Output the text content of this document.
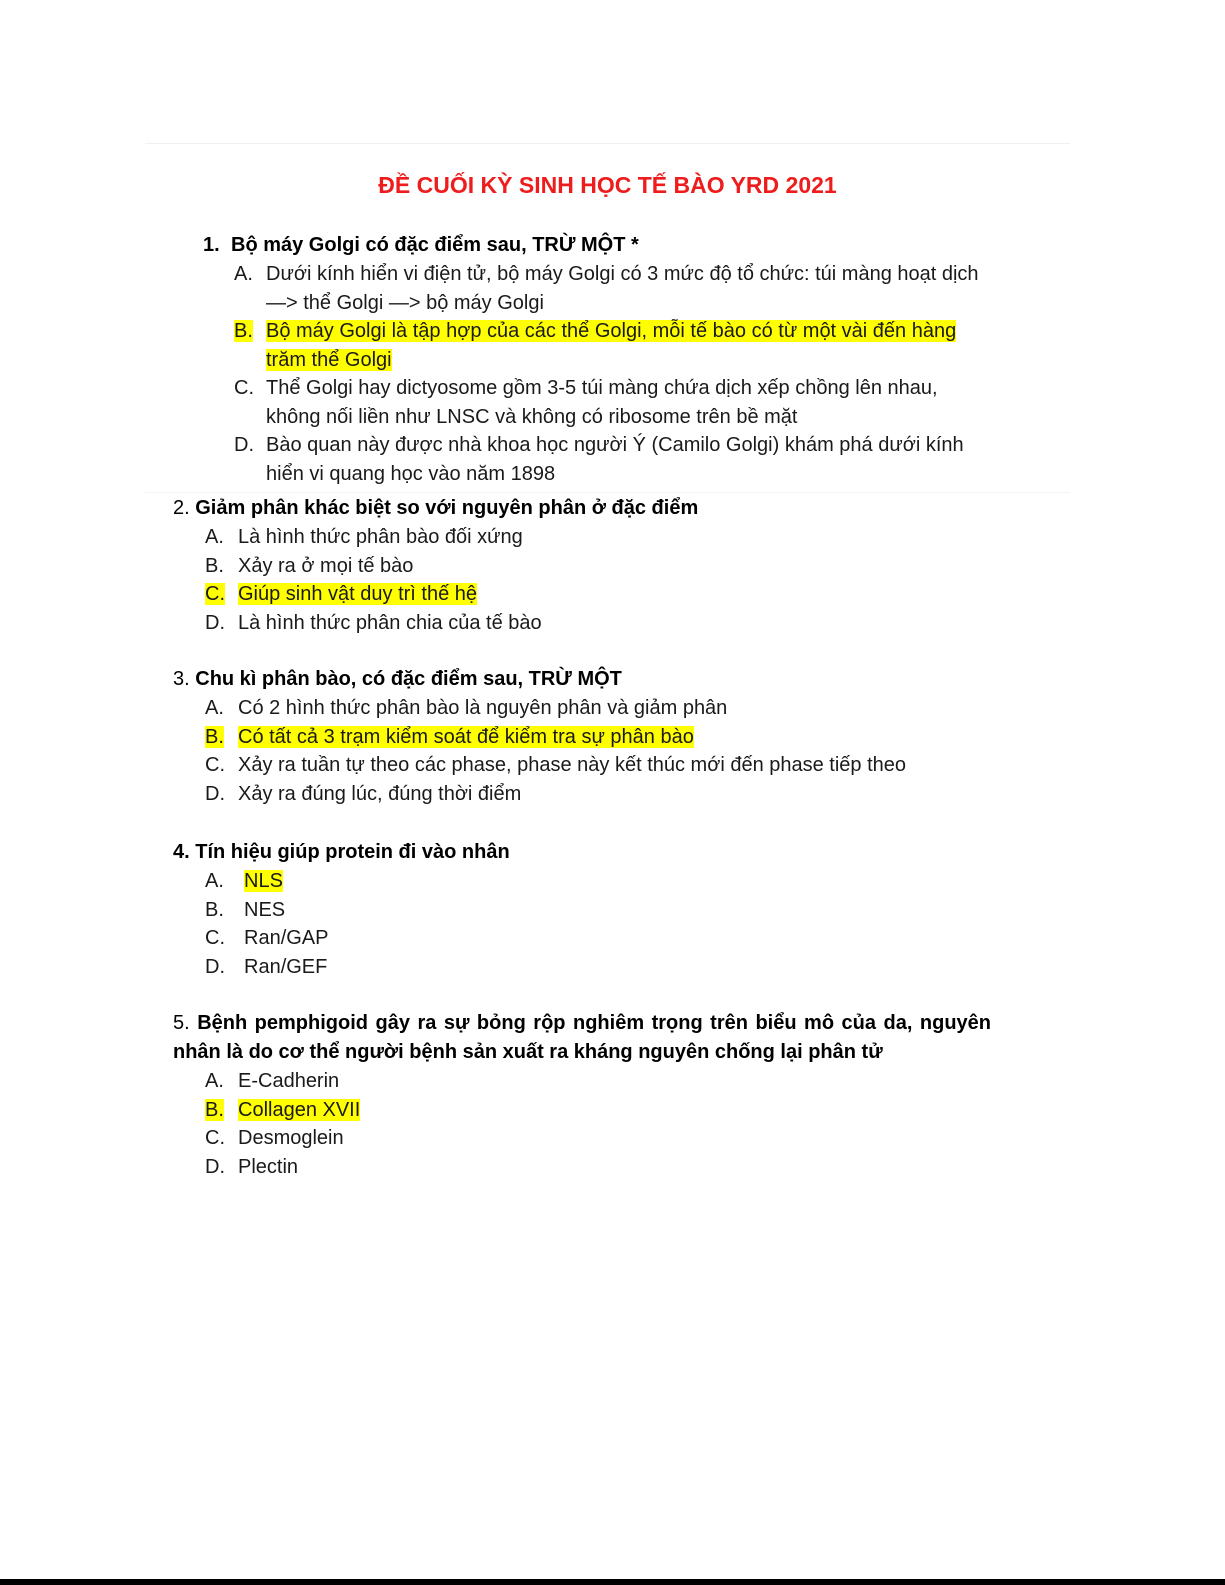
ĐỀ CUỐI KỲ SINH HỌC TẾ BÀO YRD 2021
1. Bộ máy Golgi có đặc điểm sau, TRỪ MỘT *
A. Dưới kính hiển vi điện tử, bộ máy Golgi có 3 mức độ tổ chức: túi màng hoạt dịch —> thể Golgi —> bộ máy Golgi
B. Bộ máy Golgi là tập hợp của các thể Golgi, mỗi tế bào có từ một vài đến hàng trăm thể Golgi
C. Thể Golgi hay dictyosome gồm 3-5 túi màng chứa dịch xếp chồng lên nhau, không nối liền như LNSC và không có ribosome trên bề mặt
D. Bào quan này được nhà khoa học người Ý (Camilo Golgi) khám phá dưới kính hiển vi quang học vào năm 1898
2. Giảm phân khác biệt so với nguyên phân ở đặc điểm
A. Là hình thức phân bào đối xứng
B. Xảy ra ở mọi tế bào
C. Giúp sinh vật duy trì thế hệ
D. Là hình thức phân chia của tế bào
3. Chu kì phân bào, có đặc điểm sau, TRỪ MỘT
A. Có 2 hình thức phân bào là nguyên phân và giảm phân
B. Có tất cả 3 trạm kiểm soát để kiểm tra sự phân bào
C. Xảy ra tuần tự theo các phase, phase này kết thúc mới đến phase tiếp theo
D. Xảy ra đúng lúc, đúng thời điểm
4. Tín hiệu giúp protein đi vào nhân
A.	NLS
B.	NES
C. Ran/GAP
D. Ran/GEF
5. Bệnh pemphigoid gây ra sự bỏng rộp nghiêm trọng trên biểu mô của da, nguyên nhân là do cơ thể người bệnh sản xuất ra kháng nguyên chống lại phân tử
A. E-Cadherin
B. Collagen XVII
C. Desmoglein
D. Plectin
